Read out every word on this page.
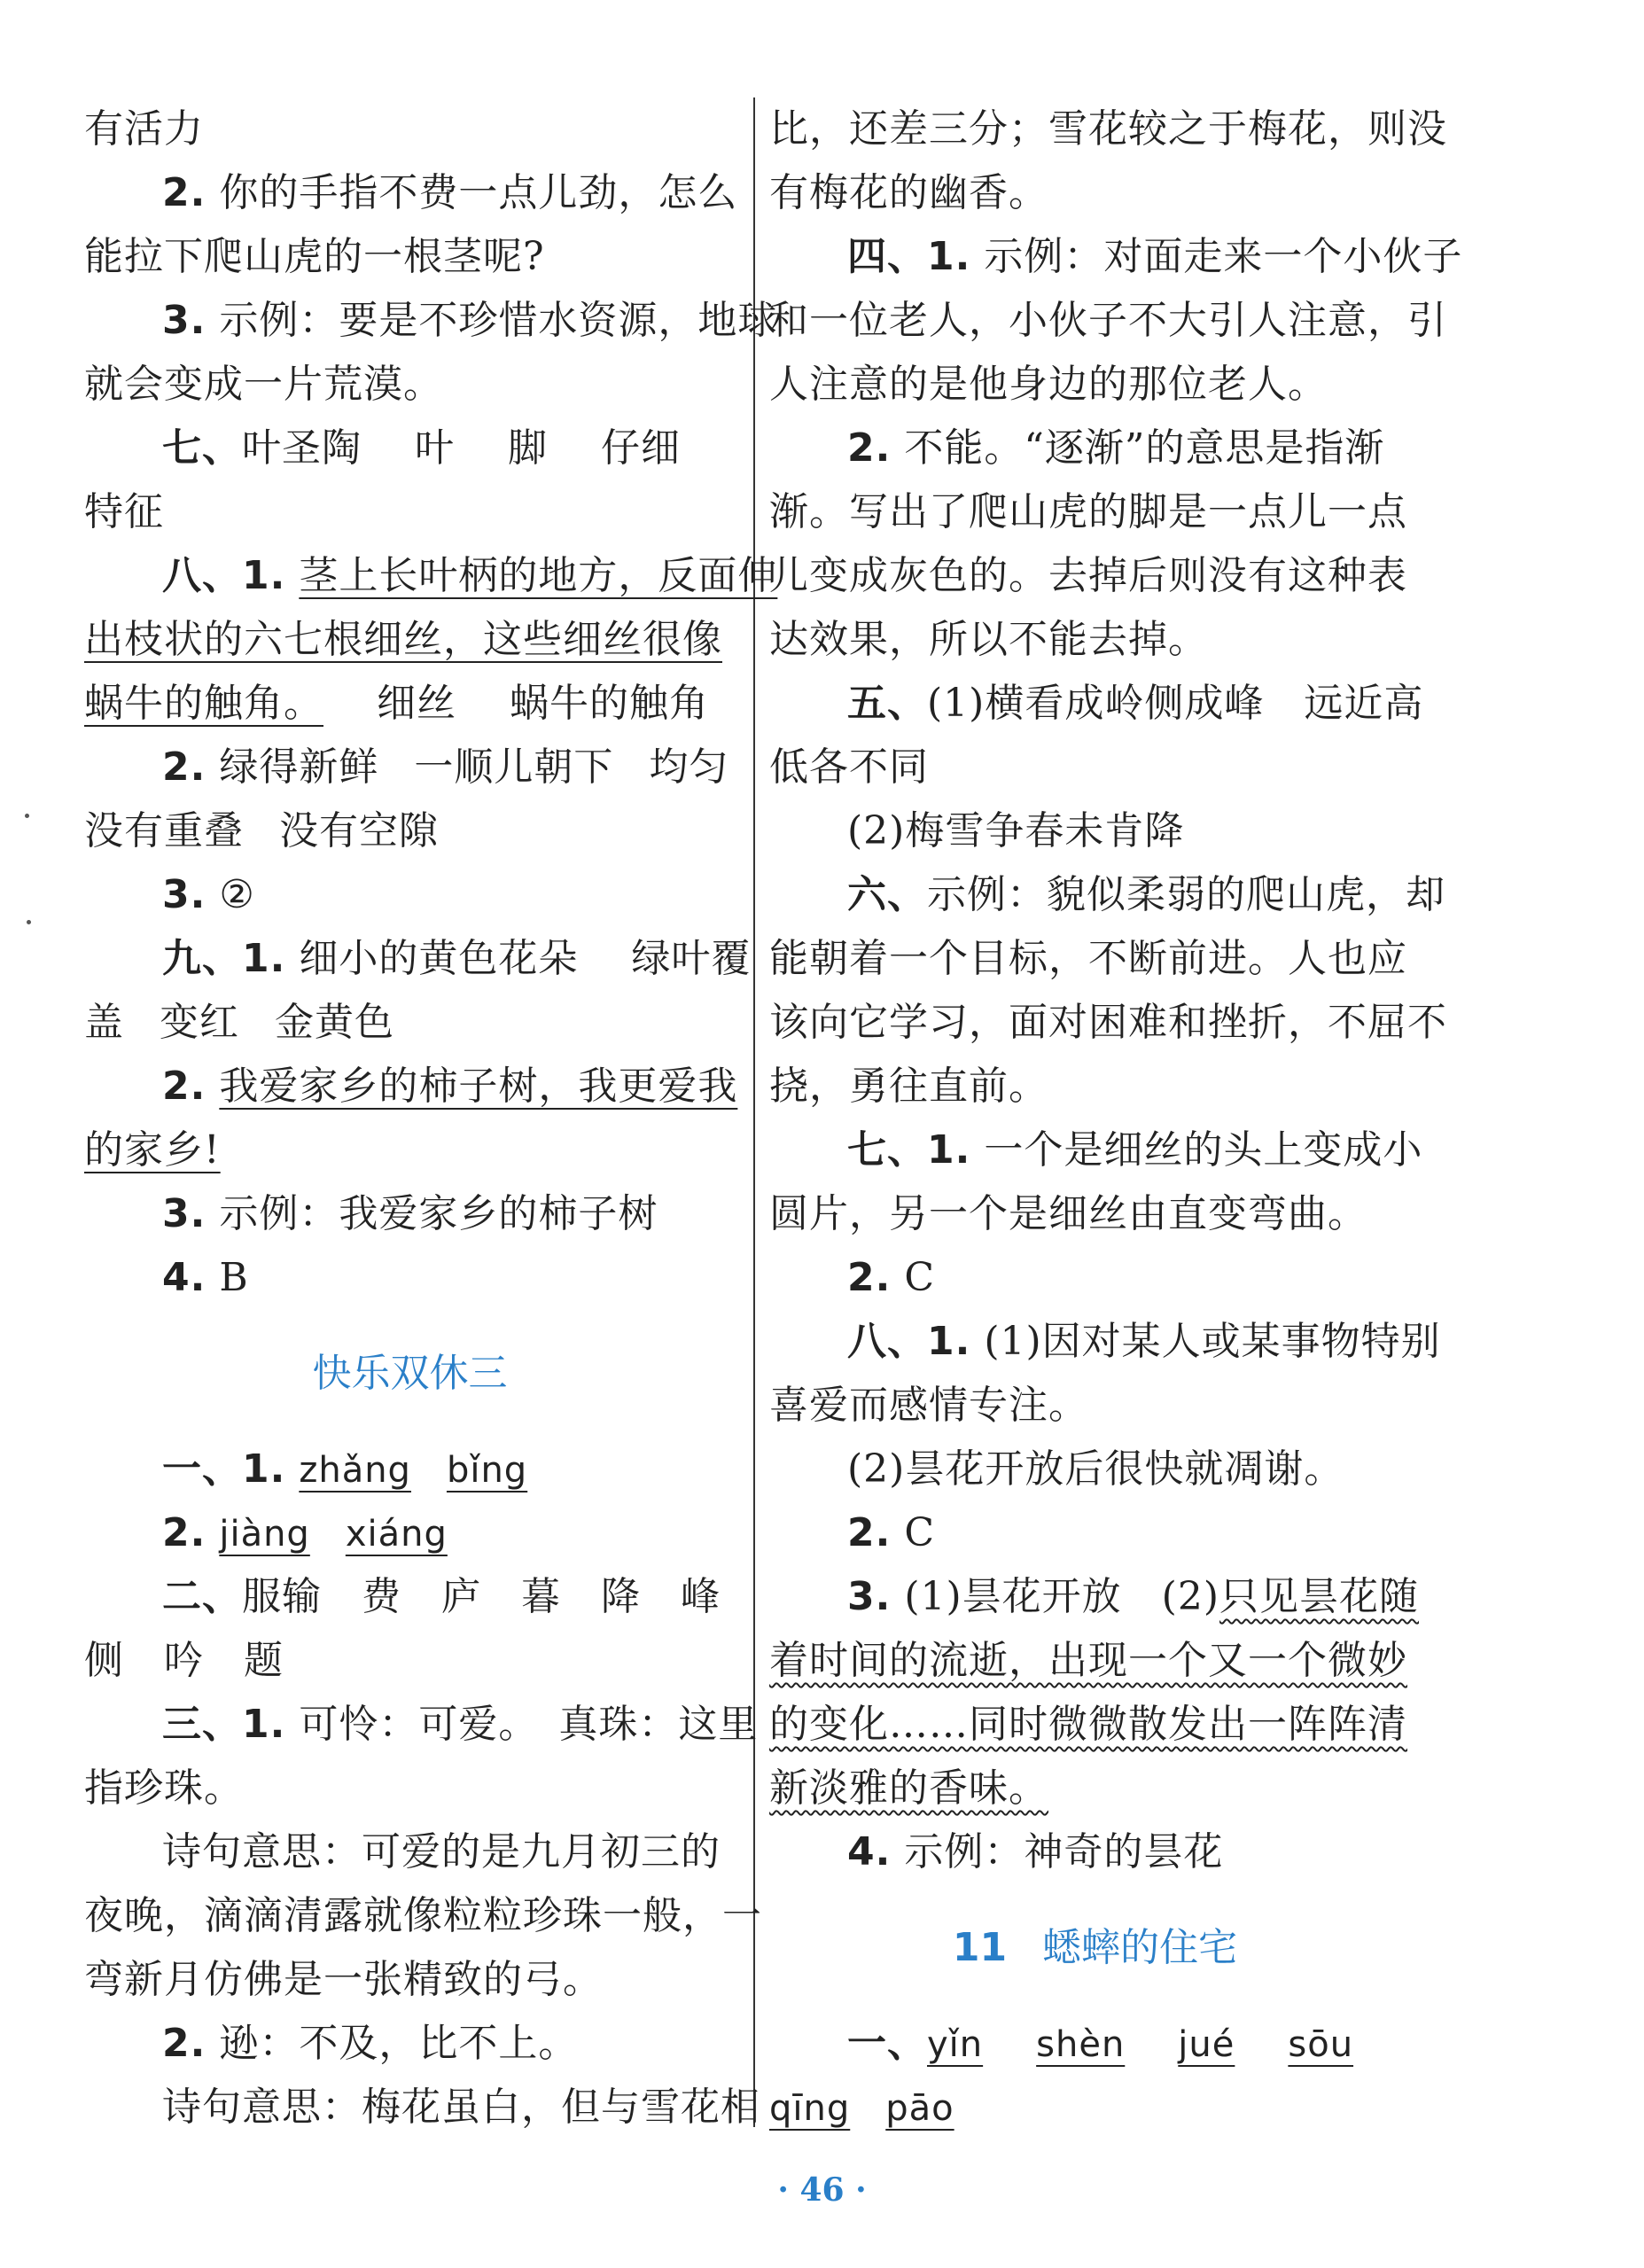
有活力
2. 你的手指不费一点儿劲，怎么
能拉下爬山虎的一根茎呢?
3. 示例：要是不珍惜水资源，地球
就会变成一片荒漠。
七、叶圣陶 叶 脚 仔细
特征
八、1. 茎上长叶柄的地方，反面伸
出枝状的六七根细丝，这些细丝很像
蜗牛的触角。 细丝 蜗牛的触角
2. 绿得新鲜 一顺儿朝下 均匀
没有重叠 没有空隙
3. ②
九、1. 细小的黄色花朵 绿叶覆
盖 变红 金黄色
2. 我爱家乡的柿子树，我更爱我
的家乡!
3. 示例：我爱家乡的柿子树
4. B
快乐双休三
一、1. zhǎng bǐng
2. jiàng xiáng
二、服输　费　庐　暮　降　峰
侧　吟　题
三、1. 可怜：可爱。　真珠：这里
指珍珠。
诗句意思：可爱的是九月初三的
夜晚，滴滴清露就像粒粒珍珠一般，一
弯新月仿佛是一张精致的弓。
2. 逊：不及，比不上。
诗句意思：梅花虽白，但与雪花相
比，还差三分；雪花较之于梅花，则没
有梅花的幽香。
四、1. 示例：对面走来一个小伙子
和一位老人，小伙子不大引人注意，引
人注意的是他身边的那位老人。
2. 不能。“逐渐”的意思是指渐
渐。写出了爬山虎的脚是一点儿一点
儿变成灰色的。去掉后则没有这种表
达效果，所以不能去掉。
五、(1)横看成岭侧成峰　远近高
低各不同
(2)梅雪争春未肯降
六、示例：貌似柔弱的爬山虎，却
能朝着一个目标，不断前进。人也应
该向它学习，面对困难和挫折，不屈不
挠，勇往直前。
七、1. 一个是细丝的头上变成小
圆片，另一个是细丝由直变弯曲。
2. C
八、1. (1)因对某人或某事物特别
喜爱而感情专注。
(2)昙花开放后很快就凋谢。
2. C
3. (1)昙花开放　(2)只见昙花随
着时间的流逝，出现一个又一个微妙
的变化……同时微微散发出一阵阵清
新淡雅的香味。
4. 示例：神奇的昙花
11 蟋蟀的住宅
一、yǐn shèn jué sōu
qīng pāo
· 46 ·
